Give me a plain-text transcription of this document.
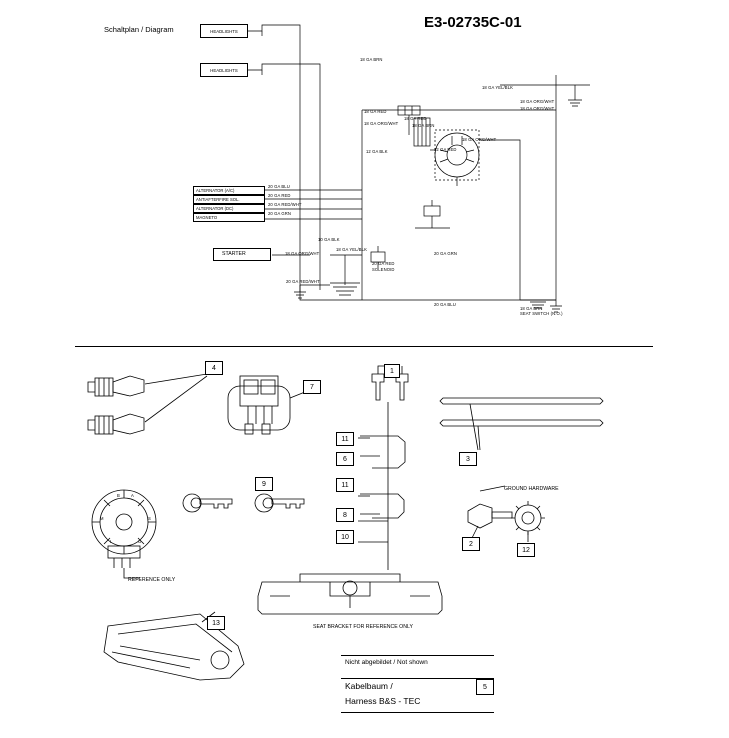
Schaltplan / Diagram	E3-02735C-01
HEADLIGHTS
HEADLIGHTS
ALTERNATOR (A/C)
ANTIAFTERFIRE SOL.
ALTERNATOR (DC)
MAGNETO
20 GA BLU
20 GA RED
20 GA RED/WHT
20 GA GRN
STARTER
18 GA BRN
18 GA YEL/BLK
18 GA ORG/WHT
18 GA ORG/WHT
18 GA RED
18 GA RED
18 GA BRN
18 GA ORG/WHT
18 GA ORG/WHT
12 GA RED
12 GA BLK
10 GA BLK
18 GA ORG/WHT
18 GA YEL/BLK
20 GA GRN
20 GA RED/WHT
20 GA RED
20 GA BLU
18 GA BRN
SEAT SWITCH (N.O.)
SOLENOID
4
7
1
3
11
6
11
8
10
9
2
12
13
5
REFERENCE ONLY
GROUND HARDWARE
SEAT BRACKET FOR REFERENCE ONLY
B	A
M	S
L	G
Nicht abgebildet / Not shown
Kabelbaum /
Harness B&S - TEC
